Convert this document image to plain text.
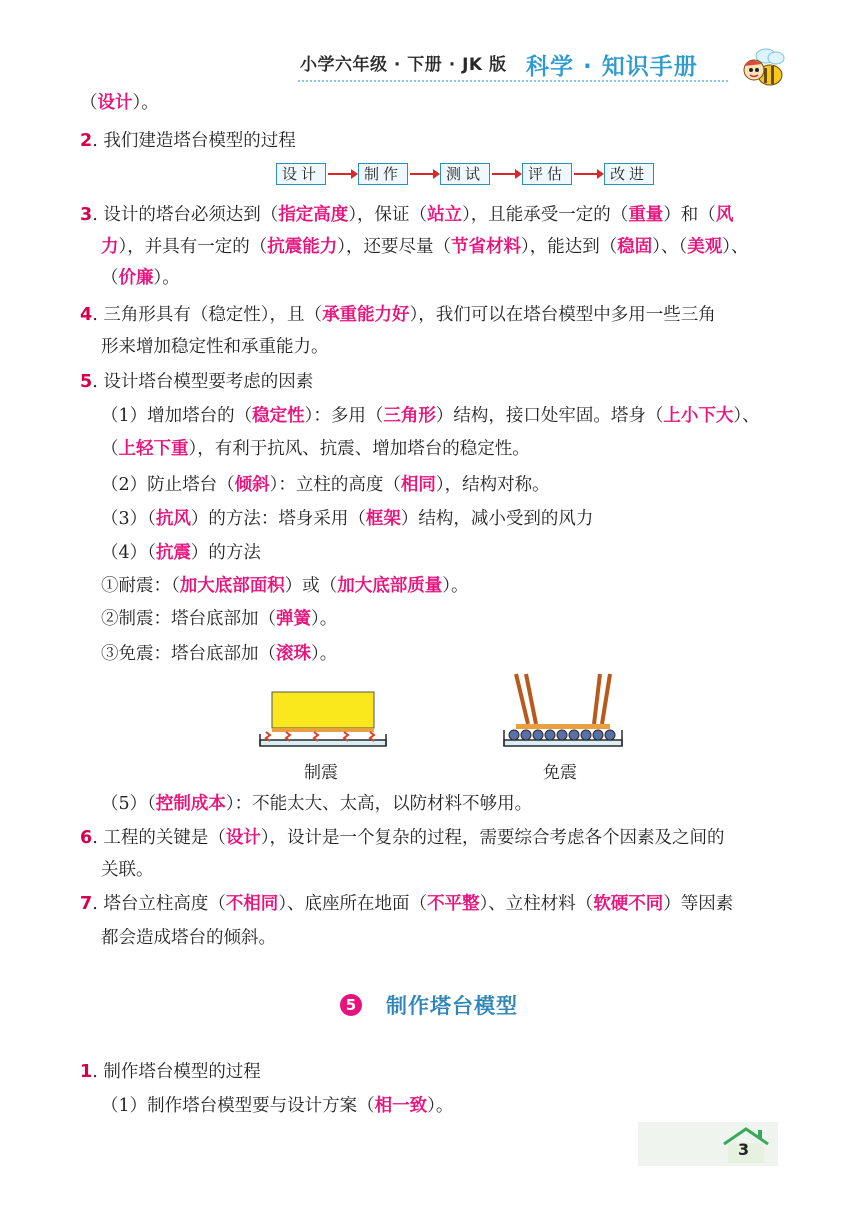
小学六年级 · 下册 · JK 版 科学 · 知识手册
（设计）。
2. 我们建造塔台模型的过程
设计	制作	测试	评估	改进
3. 设计的塔台必须达到（指定高度），保证（站立），且能承受一定的（重量）和（风
力），并具有一定的（抗震能力），还要尽量（节省材料），能达到（稳固）、（美观）、
（价廉）。
4. 三角形具有（稳定性），且（承重能力好），我们可以在塔台模型中多用一些三角
形来增加稳定性和承重能力。
5. 设计塔台模型要考虑的因素
（1）增加塔台的（稳定性）：多用（三角形）结构，接口处牢固。塔身（上小下大）、
（上轻下重），有利于抗风、抗震、增加塔台的稳定性。
（2）防止塔台（倾斜）：立柱的高度（相同），结构对称。
（3）（抗风）的方法：塔身采用（框架）结构，减小受到的风力
（4）（抗震）的方法
①耐震：（加大底部面积）或（加大底部质量）。
②制震：塔台底部加（弹簧）。
③免震：塔台底部加（滚珠）。
制震	免震
（5）（控制成本）：不能太大、太高，以防材料不够用。
6. 工程的关键是（设计），设计是一个复杂的过程，需要综合考虑各个因素及之间的
关联。
7. 塔台立柱高度（不相同）、底座所在地面（不平整）、立柱材料（软硬不同）等因素
都会造成塔台的倾斜。
5 制作塔台模型
1. 制作塔台模型的过程
（1）制作塔台模型要与设计方案（相一致）。
3
